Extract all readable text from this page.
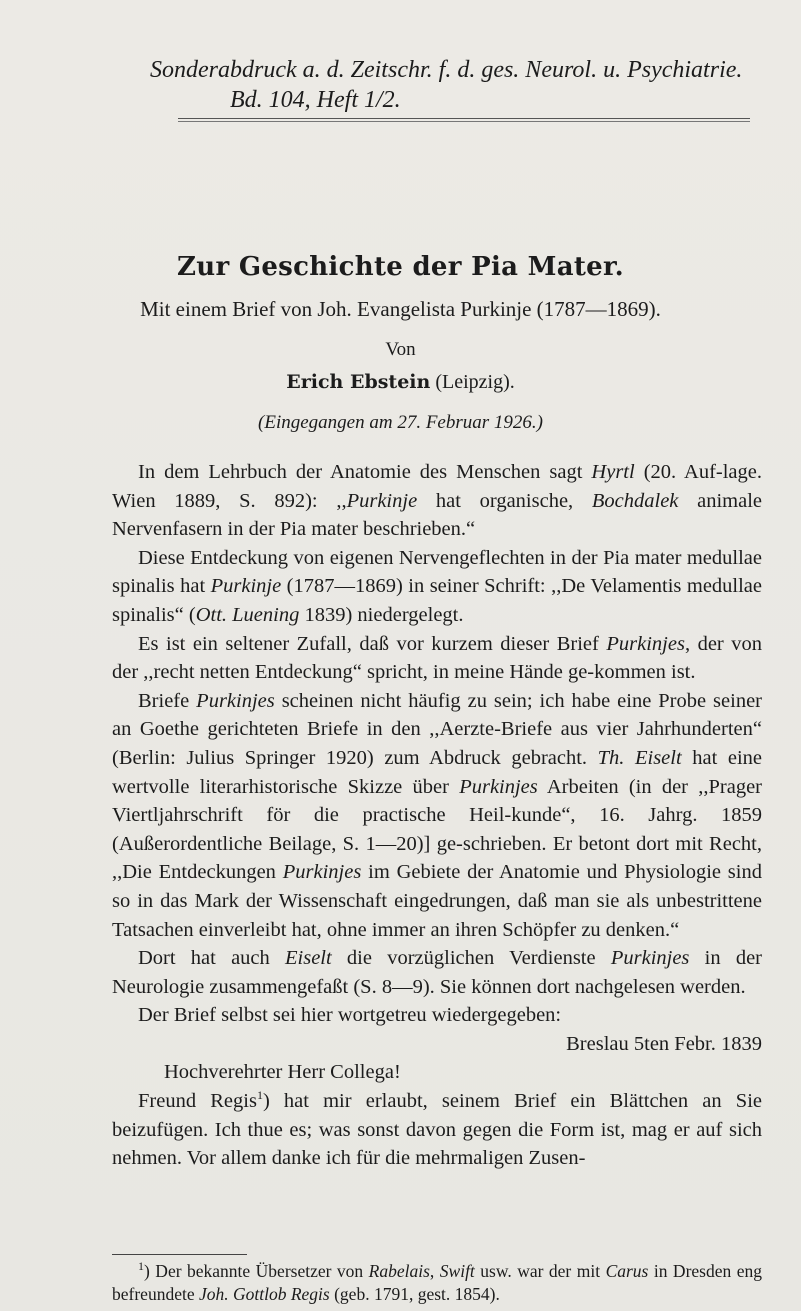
Sonderabdruck a. d. Zeitschr. f. d. ges. Neurol. u. Psychiatrie.
Bd. 104, Heft 1/2.
Zur Geschichte der Pia Mater.
Mit einem Brief von Joh. Evangelista Purkinje (1787—1869).
Von
Erich Ebstein (Leipzig).
(Eingegangen am 27. Februar 1926.)

In dem Lehrbuch der Anatomie des Menschen sagt Hyrtl (20. Auf-lage. Wien 1889, S. 892): ,,Purkinje hat organische, Bochdalek animale Nervenfasern in der Pia mater beschrieben.“

Diese Entdeckung von eigenen Nervengeflechten in der Pia mater medullae spinalis hat Purkinje (1787—1869) in seiner Schrift: ,,De Velamentis medullae spinalis“ (Ott. Luening 1839) niedergelegt.

Es ist ein seltener Zufall, daß vor kurzem dieser Brief Purkinjes, der von der ,,recht netten Entdeckung“ spricht, in meine Hände ge-kommen ist.

Briefe Purkinjes scheinen nicht häufig zu sein; ich habe eine Probe seiner an Goethe gerichteten Briefe in den ,,Aerzte-Briefe aus vier Jahrhunderten“ (Berlin: Julius Springer 1920) zum Abdruck gebracht. Th. Eiselt hat eine wertvolle literarhistorische Skizze über Purkinjes Arbeiten (in der ,,Prager Viertljahrschrift för die practische Heil-kunde“, 16. Jahrg. 1859 (Außerordentliche Beilage, S. 1—20)] ge-schrieben. Er betont dort mit Recht, ,,Die Entdeckungen Purkinjes im Gebiete der Anatomie und Physiologie sind so in das Mark der Wissenschaft eingedrungen, daß man sie als unbestrittene Tatsachen einverleibt hat, ohne immer an ihren Schöpfer zu denken.“

Dort hat auch Eiselt die vorzüglichen Verdienste Purkinjes in der Neurologie zusammengefaßt (S. 8—9). Sie können dort nachgelesen werden.

Der Brief selbst sei hier wortgetreu wiedergegeben:

Breslau 5ten Febr. 1839

Hochverehrter Herr Collega!

Freund Regis$^1$) hat mir erlaubt, seinem Brief ein Blättchen an Sie beizufügen. Ich thue es; was sonst davon gegen die Form ist, mag er auf sich nehmen. Vor allem danke ich für die mehrmaligen Zusen-

$^1$) Der bekannte Übersetzer von Rabelais, Swift usw. war der mit Carus in Dresden eng befreundete Joh. Gottlob Regis (geb. 1791, gest. 1854).
